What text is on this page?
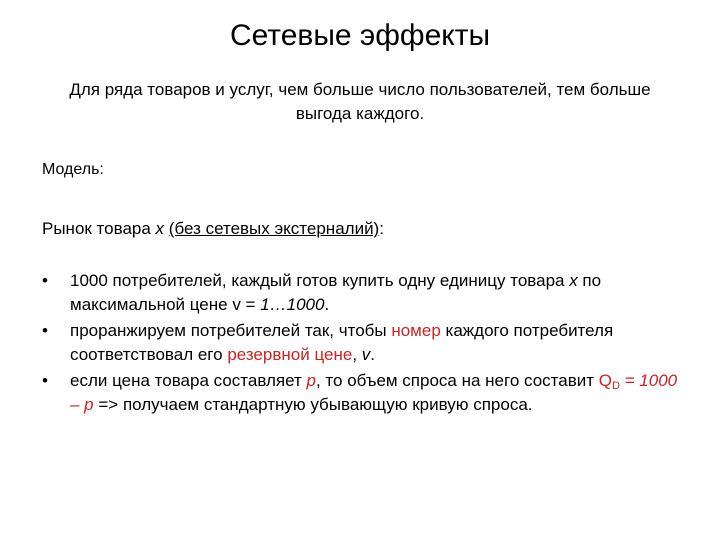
Сетевые эффекты
Для ряда товаров и услуг, чем больше число пользователей, тем больше выгода каждого.
Модель:
Рынок товара x (без сетевых экстерналий):
• 1000 потребителей, каждый готов купить одну единицу товара x по максимальной цене v = 1…1000.
• проранжируем потребителей так, чтобы номер каждого потребителя соответствовал его резервной цене, v.
• если цена товара составляет p, то объем спроса на него составит $Q_D = 1000 - p$ => получаем стандартную убывающую кривую спроса.
